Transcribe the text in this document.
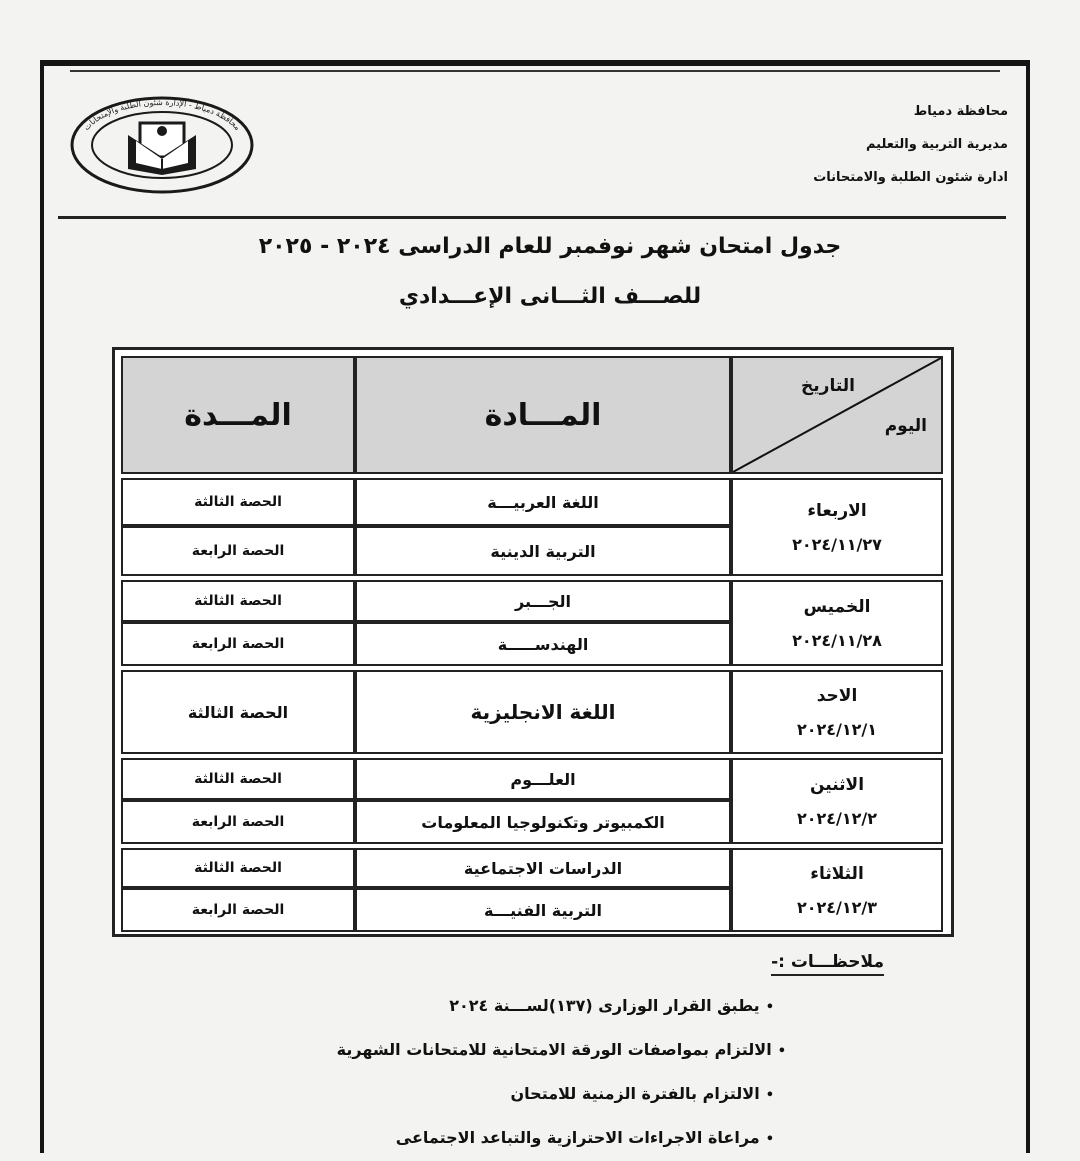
محافظة دمياط
مديرية التربية والتعليم
ادارة شئون الطلبة والامتحانات
محافظة دمياط - الإدارة شئون الطلبة والإمتحانات
جدول امتحان شهر نوفمبر للعام الدراسى ٢٠٢٤ - ٢٠٢٥
للصـــف الثـــانى الإعـــدادي
التاريخ
اليوم
المـــادة
المـــدة
الاربعاء
٢٠٢٤/١١/٢٧
اللغة العربيـــة
الحصة الثالثة
التربية الدينية
الحصة الرابعة
الخميس
٢٠٢٤/١١/٢٨
الجـــبر
الحصة الثالثة
الهندســـــة
الحصة الرابعة
الاحد
٢٠٢٤/١٢/١
اللغة الانجليزية
الحصة الثالثة
الاثنين
٢٠٢٤/١٢/٢
العلـــوم
الحصة الثالثة
الكمبيوتر وتكنولوجيا المعلومات
الحصة الرابعة
الثلاثاء
٢٠٢٤/١٢/٣
الدراسات الاجتماعية
الحصة الثالثة
التربية الفنيـــة
الحصة الرابعة
ملاحظـــات :-
•يطبق القرار الوزارى (١٣٧)لســـنة ٢٠٢٤
•الالتزام بمواصفات الورقة الامتحانية للامتحانات الشهرية
•الالتزام بالفترة الزمنية للامتحان
•مراعاة الاجراءات الاحترازية والتباعد الاجتماعى
